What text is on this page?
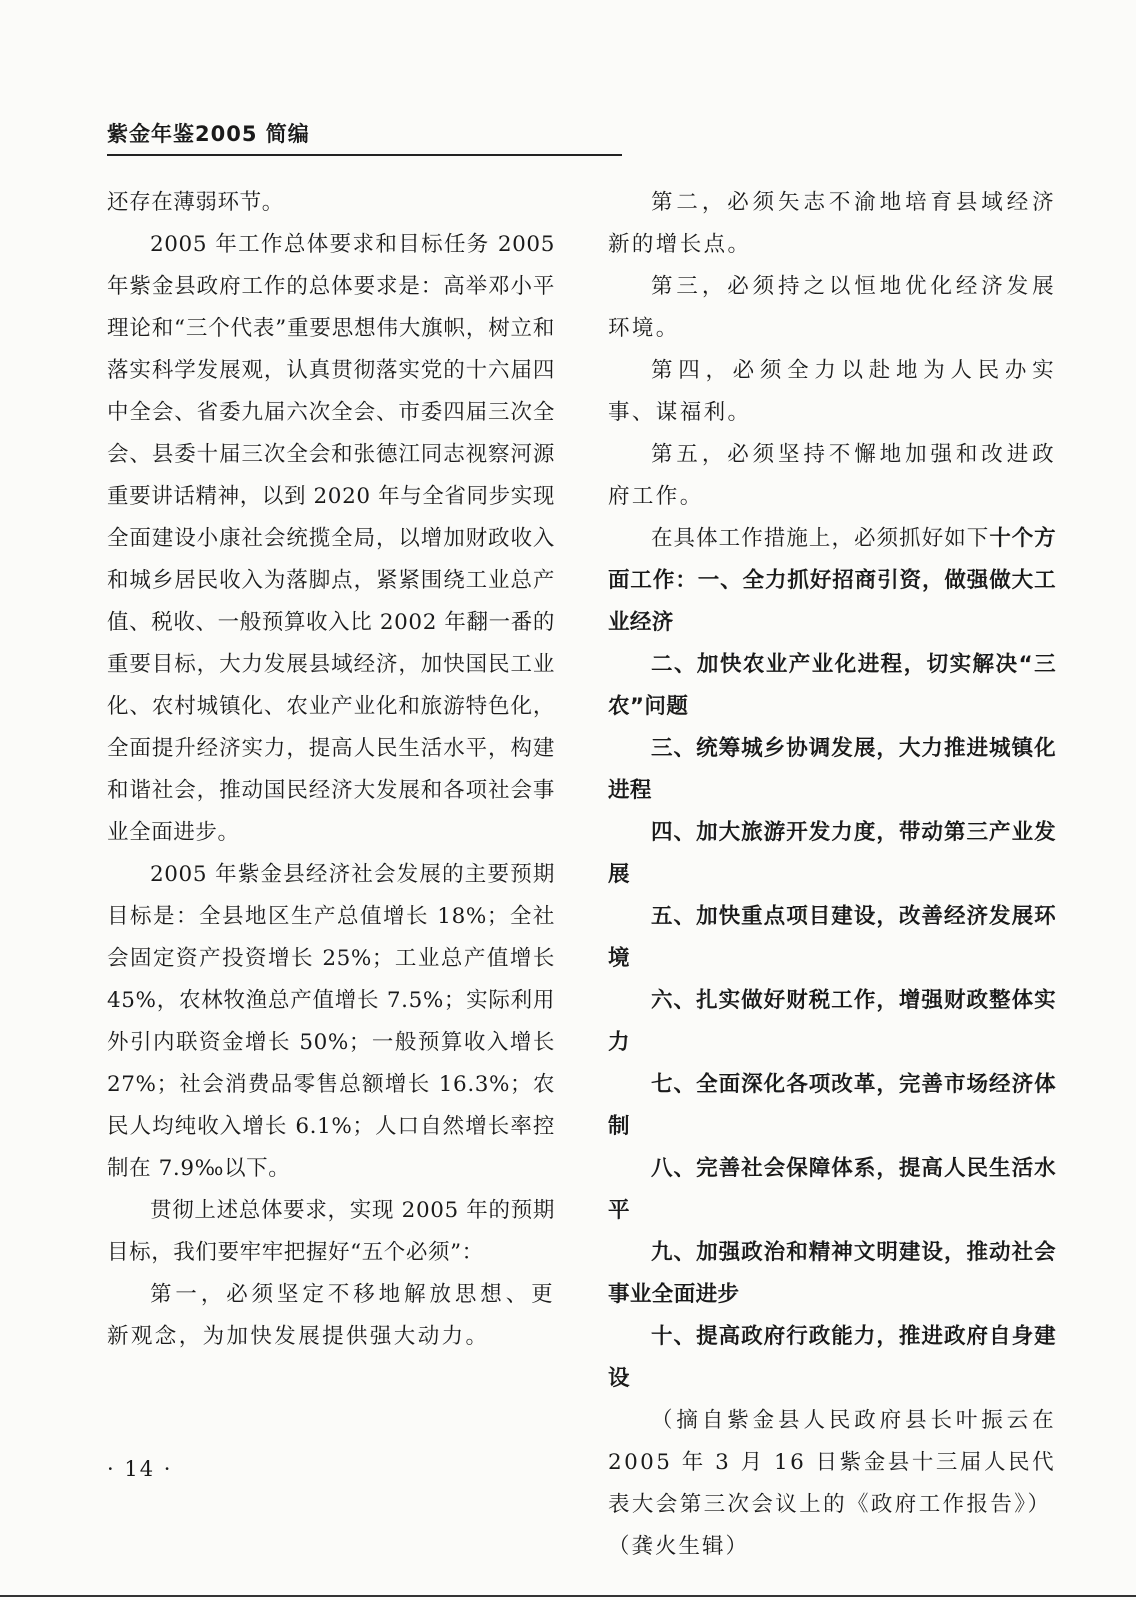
紫金年鉴2005 简编

还存在薄弱环节。

2005 年工作总体要求和目标任务 2005 年紫金县政府工作的总体要求是：高举邓小平理论和“三个代表”重要思想伟大旗帜，树立和落实科学发展观，认真贯彻落实党的十六届四中全会、省委九届六次全会、市委四届三次全会、县委十届三次全会和张德江同志视察河源重要讲话精神，以到 2020 年与全省同步实现全面建设小康社会统揽全局，以增加财政收入和城乡居民收入为落脚点，紧紧围绕工业总产值、税收、一般预算收入比 2002 年翻一番的重要目标，大力发展县域经济，加快国民工业化、农村城镇化、农业产业化和旅游特色化，全面提升经济实力，提高人民生活水平，构建和谐社会，推动国民经济大发展和各项社会事业全面进步。

2005 年紫金县经济社会发展的主要预期目标是：全县地区生产总值增长 18%；全社会固定资产投资增长 25%；工业总产值增长 45%，农林牧渔总产值增长 7.5%；实际利用外引内联资金增长 50%；一般预算收入增长 27%；社会消费品零售总额增长 16.3%；农民人均纯收入增长 6.1%；人口自然增长率控制在 7.9‰以下。

贯彻上述总体要求，实现 2005 年的预期目标，我们要牢牢把握好“五个必须”：

第一，必须坚定不移地解放思想、更新观念，为加快发展提供强大动力。

第二，必须矢志不渝地培育县域经济新的增长点。

第三，必须持之以恒地优化经济发展环境。

第四，必须全力以赴地为人民办实事、谋福利。

第五，必须坚持不懈地加强和改进政府工作。

在具体工作措施上，必须抓好如下十个方面工作：一、全力抓好招商引资，做强做大工业经济

二、加快农业产业化进程，切实解决“三农”问题

三、统筹城乡协调发展，大力推进城镇化进程

四、加大旅游开发力度，带动第三产业发展

五、加快重点项目建设，改善经济发展环境

六、扎实做好财税工作，增强财政整体实力

七、全面深化各项改革，完善市场经济体制

八、完善社会保障体系，提高人民生活水平

九、加强政治和精神文明建设，推动社会事业全面进步

十、提高政府行政能力，推进政府自身建设

（摘自紫金县人民政府县长叶振云在 2005 年 3 月 16 日紫金县十三届人民代表大会第三次会议上的《政府工作报告》）

（龚火生辑）

· 14 ·
